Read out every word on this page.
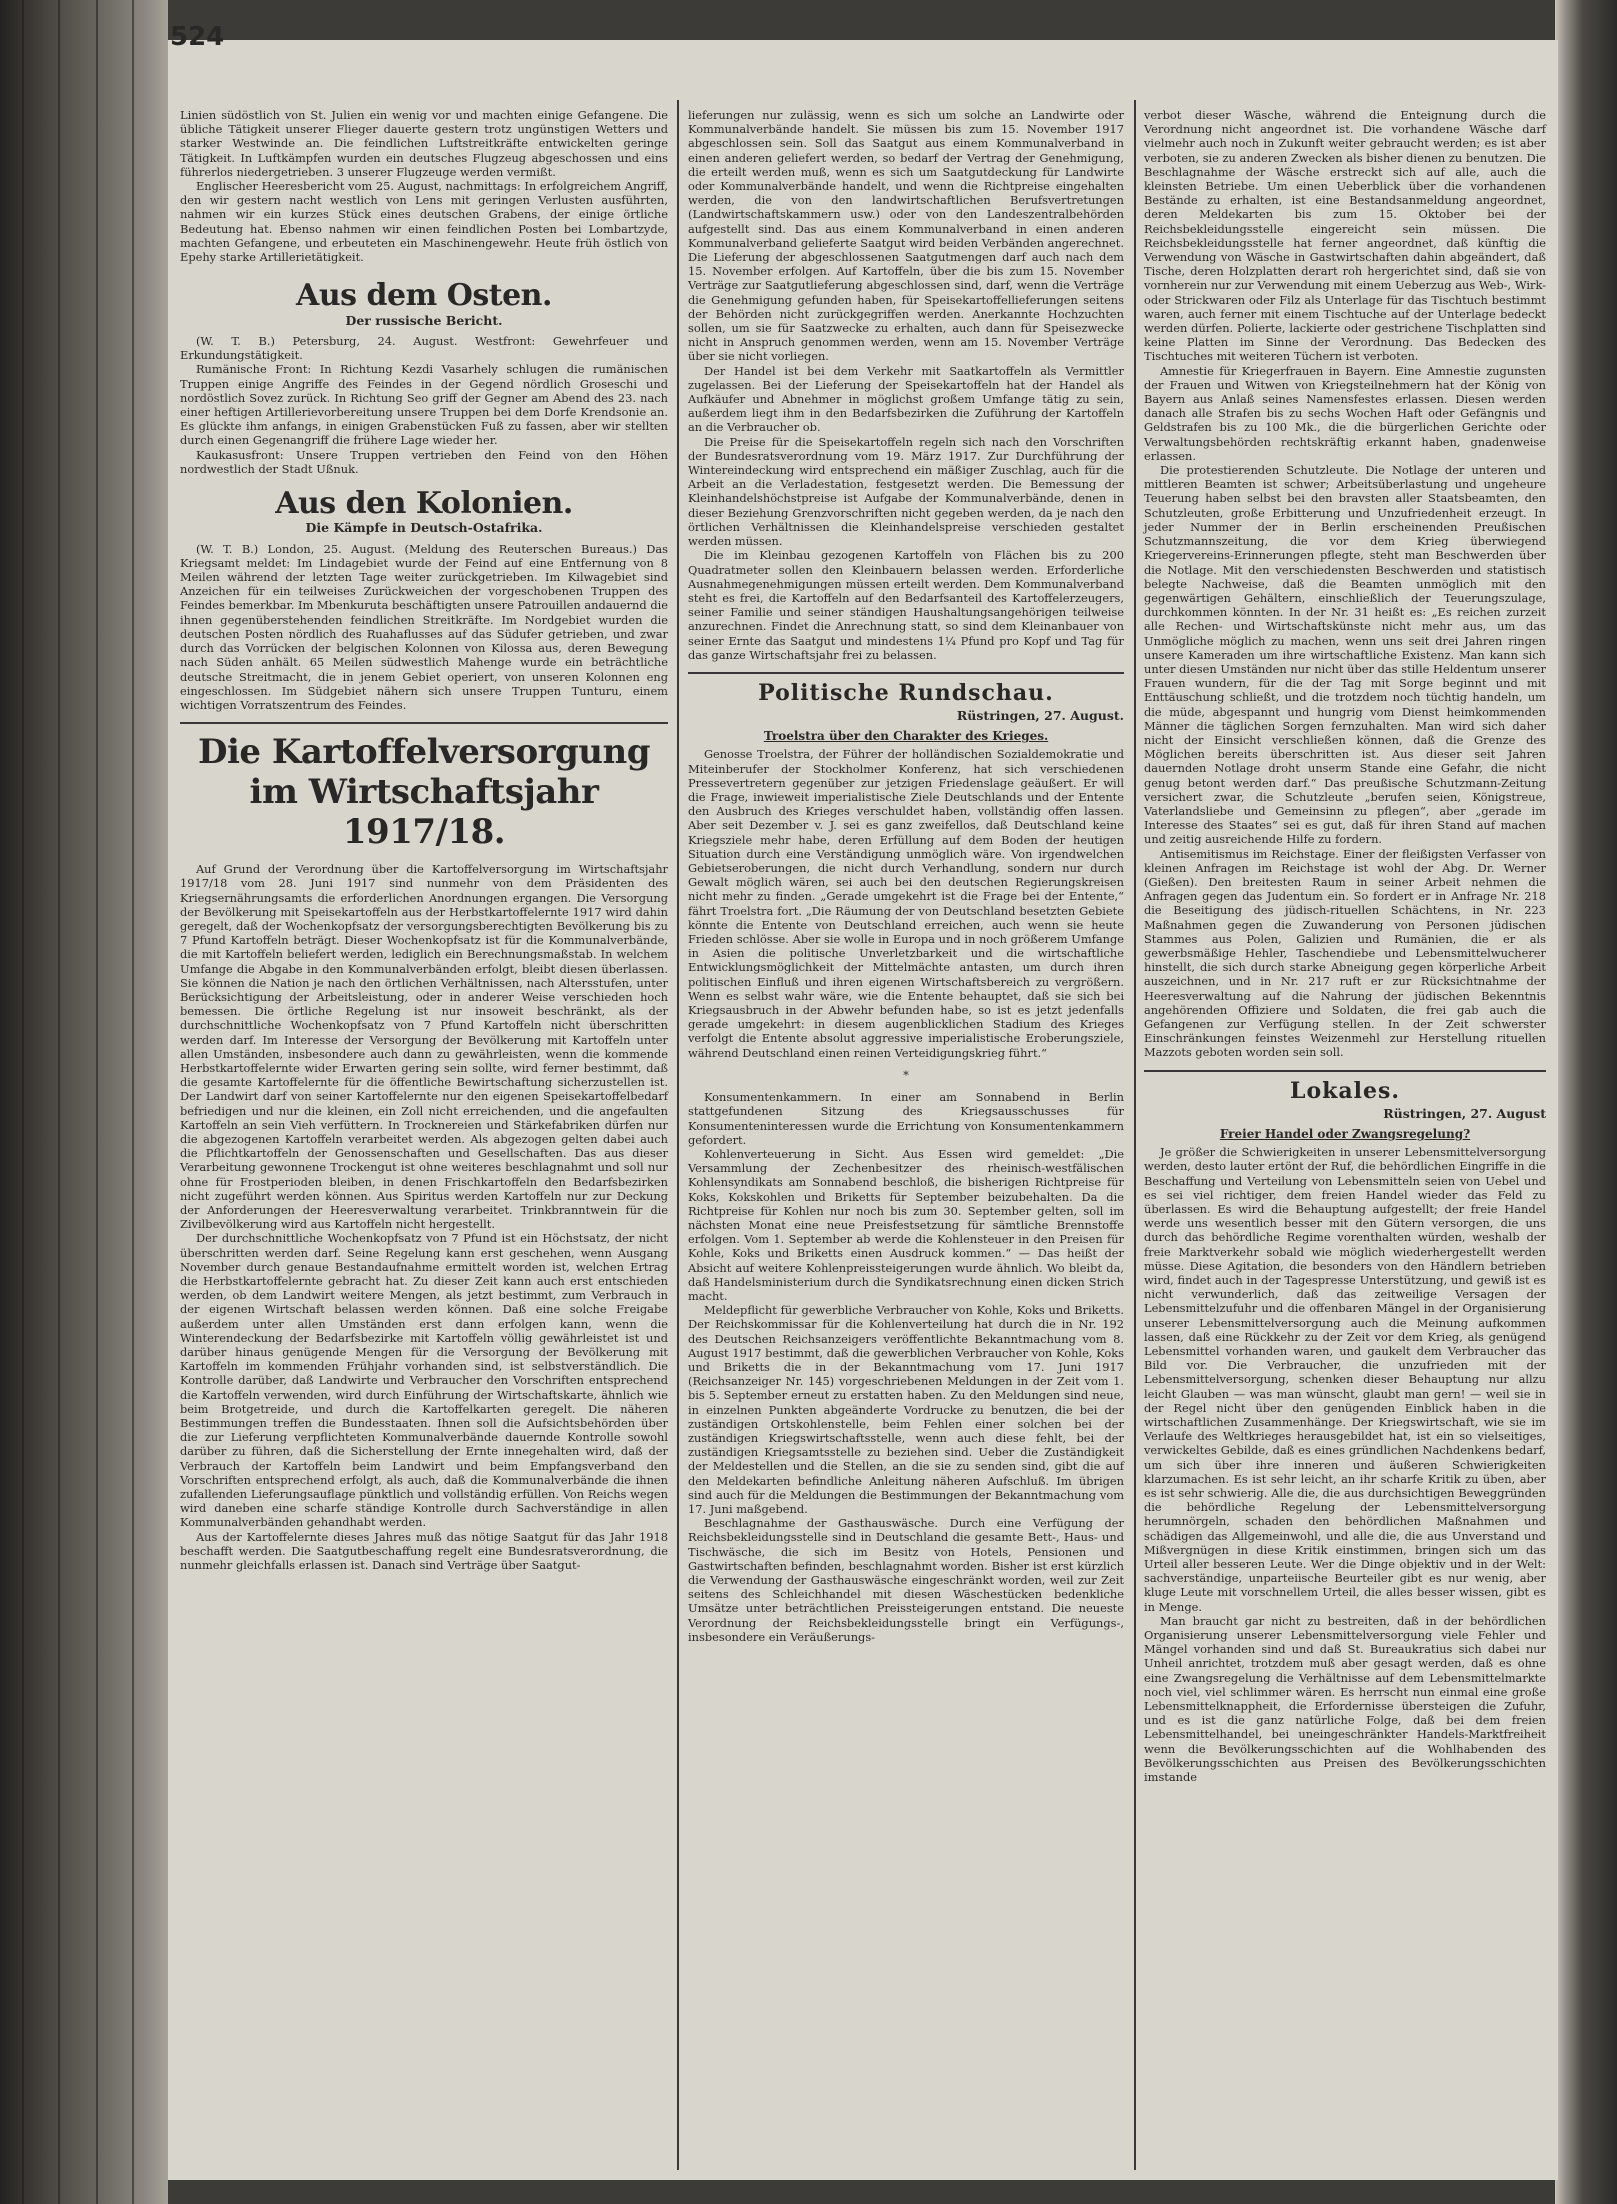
524

Linien südöstlich von St. Julien ein wenig vor und machten einige Gefangene. Die übliche Tätigkeit unserer Flieger dauerte gestern trotz ungünstigen Wetters und starker Westwinde an. Die feindlichen Luftstreitkräfte entwickelten geringe Tätigkeit. In Luftkämpfen wurden ein deutsches Flugzeug abgeschossen und eins führerlos niedergetrieben. 3 unserer Flugzeuge werden vermißt.

Englischer Heeresbericht vom 25. August, nachmittags: In erfolgreichem Angriff, den wir gestern nacht westlich von Lens mit geringen Verlusten ausführten, nahmen wir ein kurzes Stück eines deutschen Grabens, der einige örtliche Bedeutung hat. Ebenso nahmen wir einen feindlichen Posten bei Lombartzyde, machten Gefangene, und erbeuteten ein Maschinengewehr. Heute früh östlich von Epehy starke Artillerietätigkeit.

Aus dem Osten.
Der russische Bericht.

(W. T. B.) Petersburg, 24. August. Westfront: Gewehrfeuer und Erkundungstätigkeit.

Rumänische Front: In Richtung Kezdi Vasarhely schlugen die rumänischen Truppen einige Angriffe des Feindes in der Gegend nördlich Groseschi und nordöstlich Sovez zurück. In Richtung Seo griff der Gegner am Abend des 23. nach einer heftigen Artillerievorbereitung unsere Truppen bei dem Dorfe Krendsonie an. Es glückte ihm anfangs, in einigen Grabenstücken Fuß zu fassen, aber wir stellten durch einen Gegenangriff die frühere Lage wieder her.

Kaukasusfront: Unsere Truppen vertrieben den Feind von den Höhen nordwestlich der Stadt Ußnuk.

Aus den Kolonien.
Die Kämpfe in Deutsch-Ostafrika.

(W. T. B.) London, 25. August. (Meldung des Reuterschen Bureaus.) Das Kriegsamt meldet: Im Lindagebiet wurde der Feind auf eine Entfernung von 8 Meilen während der letzten Tage weiter zurückgetrieben. Im Kilwagebiet sind Anzeichen für ein teilweises Zurückweichen der vorgeschobenen Truppen des Feindes bemerkbar. Im Mbenkuruta beschäftigten unsere Patrouillen andauernd die ihnen gegenüberstehenden feindlichen Streitkräfte. Im Nordgebiet wurden die deutschen Posten nördlich des Ruahaflusses auf das Südufer getrieben, und zwar durch das Vorrücken der belgischen Kolonnen von Kilossa aus, deren Bewegung nach Süden anhält. 65 Meilen südwestlich Mahenge wurde ein beträchtliche deutsche Streitmacht, die in jenem Gebiet operiert, von unseren Kolonnen eng eingeschlossen. Im Südgebiet nähern sich unsere Truppen Tunturu, einem wichtigen Vorratszentrum des Feindes.

Die Kartoffelversorgung im Wirtschaftsjahr 1917/18.

Auf Grund der Verordnung über die Kartoffelversorgung im Wirtschaftsjahr 1917/18 vom 28. Juni 1917 sind nunmehr von dem Präsidenten des Kriegsernährungsamts die erforderlichen Anordnungen ergangen. Die Versorgung der Bevölkerung mit Speisekartoffeln aus der Herbstkartoffelernte 1917 wird dahin geregelt, daß der Wochenkopfsatz der versorgungsberechtigten Bevölkerung bis zu 7 Pfund Kartoffeln beträgt. Dieser Wochenkopfsatz ist für die Kommunalverbände, die mit Kartoffeln beliefert werden, lediglich ein Berechnungsmaßstab. In welchem Umfange die Abgabe in den Kommunalverbänden erfolgt, bleibt diesen überlassen. Sie können die Nation je nach den örtlichen Verhältnissen, nach Altersstufen, unter Berücksichtigung der Arbeitsleistung, oder in anderer Weise verschieden hoch bemessen. Die örtliche Regelung ist nur insoweit beschränkt, als der durchschnittliche Wochenkopfsatz von 7 Pfund Kartoffeln nicht überschritten werden darf. Im Interesse der Versorgung der Bevölkerung mit Kartoffeln unter allen Umständen, insbesondere auch dann zu gewährleisten, wenn die kommende Herbstkartoffelernte wider Erwarten gering sein sollte, wird ferner bestimmt, daß die gesamte Kartoffelernte für die öffentliche Bewirtschaftung sicherzustellen ist. Der Landwirt darf von seiner Kartoffelernte nur den eigenen Speisekartoffelbedarf befriedigen und nur die kleinen, ein Zoll nicht erreichenden, und die angefaulten Kartoffeln an sein Vieh verfüttern. In Trocknereien und Stärkefabriken dürfen nur die abgezogenen Kartoffeln verarbeitet werden. Als abgezogen gelten dabei auch die Pflichtkartoffeln der Genossenschaften und Gesellschaften. Das aus dieser Verarbeitung gewonnene Trockengut ist ohne weiteres beschlagnahmt und soll nur ohne für Frostperioden bleiben, in denen Frischkartoffeln den Bedarfsbezirken nicht zugeführt werden können. Aus Spiritus werden Kartoffeln nur zur Deckung der Anforderungen der Heeresverwaltung verarbeitet. Trinkbranntwein für die Zivilbevölkerung wird aus Kartoffeln nicht hergestellt.

Der durchschnittliche Wochenkopfsatz von 7 Pfund ist ein Höchstsatz, der nicht überschritten werden darf. Seine Regelung kann erst geschehen, wenn Ausgang November durch genaue Bestandaufnahme ermittelt worden ist, welchen Ertrag die Herbstkartoffelernte gebracht hat. Zu dieser Zeit kann auch erst entschieden werden, ob dem Landwirt weitere Mengen, als jetzt bestimmt, zum Verbrauch in der eigenen Wirtschaft belassen werden können. Daß eine solche Freigabe außerdem unter allen Umständen erst dann erfolgen kann, wenn die Winterendeckung der Bedarfsbezirke mit Kartoffeln völlig gewährleistet ist und darüber hinaus genügende Mengen für die Versorgung der Bevölkerung mit Kartoffeln im kommenden Frühjahr vorhanden sind, ist selbstverständlich. Die Kontrolle darüber, daß Landwirte und Verbraucher den Vorschriften entsprechend die Kartoffeln verwenden, wird durch Einführung der Wirtschaftskarte, ähnlich wie beim Brotgetreide, und durch die Kartoffelkarten geregelt. Die näheren Bestimmungen treffen die Bundesstaaten. Ihnen soll die Aufsichtsbehörden über die zur Lieferung verpflichteten Kommunalverbände dauernde Kontrolle sowohl darüber zu führen, daß die Sicherstellung der Ernte innegehalten wird, daß der Verbrauch der Kartoffeln beim Landwirt und beim Empfangsverband den Vorschriften entsprechend erfolgt, als auch, daß die Kommunalverbände die ihnen zufallenden Lieferungsauflage pünktlich und vollständig erfüllen. Von Reichs wegen wird daneben eine scharfe ständige Kontrolle durch Sachverständige in allen Kommunalverbänden gehandhabt werden.

Aus der Kartoffelernte dieses Jahres muß das nötige Saatgut für das Jahr 1918 beschafft werden. Die Saatgutbeschaffung regelt eine Bundesratsverordnung, die nunmehr gleichfalls erlassen ist. Danach sind Verträge über Saatgut-

lieferungen nur zulässig, wenn es sich um solche an Landwirte oder Kommunalverbände handelt. Sie müssen bis zum 15. November 1917 abgeschlossen sein. Soll das Saatgut aus einem Kommunalverband in einen anderen geliefert werden, so bedarf der Vertrag der Genehmigung, die erteilt werden muß, wenn es sich um Saatgutdeckung für Landwirte oder Kommunalverbände handelt, und wenn die Richtpreise eingehalten werden, die von den landwirtschaftlichen Berufsvertretungen (Landwirtschaftskammern usw.) oder von den Landeszentralbehörden aufgestellt sind. Das aus einem Kommunalverband in einen anderen Kommunalverband gelieferte Saatgut wird beiden Verbänden angerechnet. Die Lieferung der abgeschlossenen Saatgutmengen darf auch nach dem 15. November erfolgen. Auf Kartoffeln, über die bis zum 15. November Verträge zur Saatgutlieferung abgeschlossen sind, darf, wenn die Verträge die Genehmigung gefunden haben, für Speisekartoffellieferungen seitens der Behörden nicht zurückgegriffen werden. Anerkannte Hochzuchten sollen, um sie für Saatzwecke zu erhalten, auch dann für Speisezwecke nicht in Anspruch genommen werden, wenn am 15. November Verträge über sie nicht vorliegen.

Der Handel ist bei dem Verkehr mit Saatkartoffeln als Vermittler zugelassen. Bei der Lieferung der Speisekartoffeln hat der Handel als Aufkäufer und Abnehmer in möglichst großem Umfange tätig zu sein, außerdem liegt ihm in den Bedarfsbezirken die Zuführung der Kartoffeln an die Verbraucher ob.

Die Preise für die Speisekartoffeln regeln sich nach den Vorschriften der Bundesratsverordnung vom 19. März 1917. Zur Durchführung der Wintereindeckung wird entsprechend ein mäßiger Zuschlag, auch für die Arbeit an die Verladestation, festgesetzt werden. Die Bemessung der Kleinhandelshöchstpreise ist Aufgabe der Kommunalverbände, denen in dieser Beziehung Grenzvorschriften nicht gegeben werden, da je nach den örtlichen Verhältnissen die Kleinhandelspreise verschieden gestaltet werden müssen.

Die im Kleinbau gezogenen Kartoffeln von Flächen bis zu 200 Quadratmeter sollen den Kleinbauern belassen werden. Erforderliche Ausnahmegenehmigungen müssen erteilt werden. Dem Kommunalverband steht es frei, die Kartoffeln auf den Bedarfsanteil des Kartoffelerzeugers, seiner Familie und seiner ständigen Haushaltungsangehörigen teilweise anzurechnen. Findet die Anrechnung statt, so sind dem Kleinanbauer von seiner Ernte das Saatgut und mindestens 1¼ Pfund pro Kopf und Tag für das ganze Wirtschaftsjahr frei zu belassen.

Politische Rundschau.
Rüstringen, 27. August.
Troelstra über den Charakter des Krieges.

Genosse Troelstra, der Führer der holländischen Sozialdemokratie und Miteinberufer der Stockholmer Konferenz, hat sich verschiedenen Pressevertretern gegenüber zur jetzigen Friedenslage geäußert. Er will die Frage, inwieweit imperialistische Ziele Deutschlands und der Entente den Ausbruch des Krieges verschuldet haben, vollständig offen lassen. Aber seit Dezember v. J. sei es ganz zweifellos, daß Deutschland keine Kriegsziele mehr habe, deren Erfüllung auf dem Boden der heutigen Situation durch eine Verständigung unmöglich wäre. Von irgendwelchen Gebietseroberungen, die nicht durch Verhandlung, sondern nur durch Gewalt möglich wären, sei auch bei den deutschen Regierungskreisen nicht mehr zu finden. „Gerade umgekehrt ist die Frage bei der Entente,“ fährt Troelstra fort. „Die Räumung der von Deutschland besetzten Gebiete könnte die Entente von Deutschland erreichen, auch wenn sie heute Frieden schlösse. Aber sie wolle in Europa und in noch größerem Umfange in Asien die politische Unverletzbarkeit und die wirtschaftliche Entwicklungsmöglichkeit der Mittelmächte antasten, um durch ihren politischen Einfluß und ihren eigenen Wirtschaftsbereich zu vergrößern. Wenn es selbst wahr wäre, wie die Entente behauptet, daß sie sich bei Kriegsausbruch in der Abwehr befunden habe, so ist es jetzt jedenfalls gerade umgekehrt: in diesem augenblicklichen Stadium des Krieges verfolgt die Entente absolut aggressive imperialistische Eroberungsziele, während Deutschland einen reinen Verteidigungskrieg führt.“

*

Konsumentenkammern. In einer am Sonnabend in Berlin stattgefundenen Sitzung des Kriegsausschusses für Konsumenteninteressen wurde die Errichtung von Konsumentenkammern gefordert.

Kohlenverteuerung in Sicht. Aus Essen wird gemeldet: „Die Versammlung der Zechenbesitzer des rheinisch-westfälischen Kohlensyndikats am Sonnabend beschloß, die bisherigen Richtpreise für Koks, Kokskohlen und Briketts für September beizubehalten. Da die Richtpreise für Kohlen nur noch bis zum 30. September gelten, soll im nächsten Monat eine neue Preisfestsetzung für sämtliche Brennstoffe erfolgen. Vom 1. September ab werde die Kohlensteuer in den Preisen für Kohle, Koks und Briketts einen Ausdruck kommen.“ — Das heißt der Absicht auf weitere Kohlenpreissteigerungen wurde ähnlich. Wo bleibt da, daß Handelsministerium durch die Syndikatsrechnung einen dicken Strich macht.

Meldepflicht für gewerbliche Verbraucher von Kohle, Koks und Briketts. Der Reichskommissar für die Kohlenverteilung hat durch die in Nr. 192 des Deutschen Reichsanzeigers veröffentlichte Bekanntmachung vom 8. August 1917 bestimmt, daß die gewerblichen Verbraucher von Kohle, Koks und Briketts die in der Bekanntmachung vom 17. Juni 1917 (Reichsanzeiger Nr. 145) vorgeschriebenen Meldungen in der Zeit vom 1. bis 5. September erneut zu erstatten haben. Zu den Meldungen sind neue, in einzelnen Punkten abgeänderte Vordrucke zu benutzen, die bei der zuständigen Ortskohlenstelle, beim Fehlen einer solchen bei der zuständigen Kriegswirtschaftsstelle, wenn auch diese fehlt, bei der zuständigen Kriegsamtsstelle zu beziehen sind. Ueber die Zuständigkeit der Meldestellen und die Stellen, an die sie zu senden sind, gibt die auf den Meldekarten befindliche Anleitung näheren Aufschluß. Im übrigen sind auch für die Meldungen die Bestimmungen der Bekanntmachung vom 17. Juni maßgebend.

Beschlagnahme der Gasthauswäsche. Durch eine Verfügung der Reichsbekleidungsstelle sind in Deutschland die gesamte Bett-, Haus- und Tischwäsche, die sich im Besitz von Hotels, Pensionen und Gastwirtschaften befinden, beschlagnahmt worden. Bisher ist erst kürzlich die Verwendung der Gasthauswäsche eingeschränkt worden, weil zur Zeit seitens des Schleichhandel mit diesen Wäschestücken bedenkliche Umsätze unter beträchtlichen Preissteigerungen entstand. Die neueste Verordnung der Reichsbekleidungsstelle bringt ein Verfügungs-, insbesondere ein Veräußerungs-

verbot dieser Wäsche, während die Enteignung durch die Verordnung nicht angeordnet ist. Die vorhandene Wäsche darf vielmehr auch noch in Zukunft weiter gebraucht werden; es ist aber verboten, sie zu anderen Zwecken als bisher dienen zu benutzen. Die Beschlagnahme der Wäsche erstreckt sich auf alle, auch die kleinsten Betriebe. Um einen Ueberblick über die vorhandenen Bestände zu erhalten, ist eine Bestandsanmeldung angeordnet, deren Meldekarten bis zum 15. Oktober bei der Reichsbekleidungsstelle eingereicht sein müssen. Die Reichsbekleidungsstelle hat ferner angeordnet, daß künftig die Verwendung von Wäsche in Gastwirtschaften dahin abgeändert, daß Tische, deren Holzplatten derart roh hergerichtet sind, daß sie von vornherein nur zur Verwendung mit einem Ueberzug aus Web-, Wirk- oder Strickwaren oder Filz als Unterlage für das Tischtuch bestimmt waren, auch ferner mit einem Tischtuche auf der Unterlage bedeckt werden dürfen. Polierte, lackierte oder gestrichene Tischplatten sind keine Platten im Sinne der Verordnung. Das Bedecken des Tischtuches mit weiteren Tüchern ist verboten.

Amnestie für Kriegerfrauen in Bayern. Eine Amnestie zugunsten der Frauen und Witwen von Kriegsteilnehmern hat der König von Bayern aus Anlaß seines Namensfestes erlassen. Diesen werden danach alle Strafen bis zu sechs Wochen Haft oder Gefängnis und Geldstrafen bis zu 100 Mk., die die bürgerlichen Gerichte oder Verwaltungsbehörden rechtskräftig erkannt haben, gnadenweise erlassen.

Die protestierenden Schutzleute. Die Notlage der unteren und mittleren Beamten ist schwer; Arbeitsüberlastung und ungeheure Teuerung haben selbst bei den bravsten aller Staatsbeamten, den Schutzleuten, große Erbitterung und Unzufriedenheit erzeugt. In jeder Nummer der in Berlin erscheinenden Preußischen Schutzmannszeitung, die vor dem Krieg überwiegend Kriegervereins-Erinnerungen pflegte, steht man Beschwerden über die Notlage. Mit den verschiedensten Beschwerden und statistisch belegte Nachweise, daß die Beamten unmöglich mit den gegenwärtigen Gehältern, einschließlich der Teuerungszulage, durchkommen könnten. In der Nr. 31 heißt es: „Es reichen zurzeit alle Rechen- und Wirtschaftskünste nicht mehr aus, um das Unmögliche möglich zu machen, wenn uns seit drei Jahren ringen unsere Kameraden um ihre wirtschaftliche Existenz. Man kann sich unter diesen Umständen nur nicht über das stille Heldentum unserer Frauen wundern, für die der Tag mit Sorge beginnt und mit Enttäuschung schließt, und die trotzdem noch tüchtig handeln, um die müde, abgespannt und hungrig vom Dienst heimkommenden Männer die täglichen Sorgen fernzuhalten. Man wird sich daher nicht der Einsicht verschließen können, daß die Grenze des Möglichen bereits überschritten ist. Aus dieser seit Jahren dauernden Notlage droht unserm Stande eine Gefahr, die nicht genug betont werden darf.“ Das preußische Schutzmann-Zeitung versichert zwar, die Schutzleute „berufen seien, Königstreue, Vaterlandsliebe und Gemeinsinn zu pflegen“, aber „gerade im Interesse des Staates“ sei es gut, daß für ihren Stand auf machen und zeitig ausreichende Hilfe zu fordern.

Antisemitismus im Reichstage. Einer der fleißigsten Verfasser von kleinen Anfragen im Reichstage ist wohl der Abg. Dr. Werner (Gießen). Den breitesten Raum in seiner Arbeit nehmen die Anfragen gegen das Judentum ein. So fordert er in Anfrage Nr. 218 die Beseitigung des jüdisch-rituellen Schächtens, in Nr. 223 Maßnahmen gegen die Zuwanderung von Personen jüdischen Stammes aus Polen, Galizien und Rumänien, die er als gewerbsmäßige Hehler, Taschendiebe und Lebensmittelwucherer hinstellt, die sich durch starke Abneigung gegen körperliche Arbeit auszeichnen, und in Nr. 217 ruft er zur Rücksichtnahme der Heeresverwaltung auf die Nahrung der jüdischen Bekenntnis angehörenden Offiziere und Soldaten, die frei gab auch die Gefangenen zur Verfügung stellen. In der Zeit schwerster Einschränkungen feinstes Weizenmehl zur Herstellung rituellen Mazzots geboten worden sein soll.

Lokales.
Rüstringen, 27. August
Freier Handel oder Zwangsregelung?

Je größer die Schwierigkeiten in unserer Lebensmittelversorgung werden, desto lauter ertönt der Ruf, die behördlichen Eingriffe in die Beschaffung und Verteilung von Lebensmitteln seien von Uebel und es sei viel richtiger, dem freien Handel wieder das Feld zu überlassen. Es wird die Behauptung aufgestellt; der freie Handel werde uns wesentlich besser mit den Gütern versorgen, die uns durch das behördliche Regime vorenthalten würden, weshalb der freie Marktverkehr sobald wie möglich wiederhergestellt werden müsse. Diese Agitation, die besonders von den Händlern betrieben wird, findet auch in der Tagespresse Unterstützung, und gewiß ist es nicht verwunderlich, daß das zeitweilige Versagen der Lebensmittelzufuhr und die offenbaren Mängel in der Organisierung unserer Lebensmittelversorgung auch die Meinung aufkommen lassen, daß eine Rückkehr zu der Zeit vor dem Krieg, als genügend Lebensmittel vorhanden waren, und gaukelt dem Verbraucher das Bild vor. Die Verbraucher, die unzufrieden mit der Lebensmittelversorgung, schenken dieser Behauptung nur allzu leicht Glauben — was man wünscht, glaubt man gern! — weil sie in der Regel nicht über den genügenden Einblick haben in die wirtschaftlichen Zusammenhänge. Der Kriegswirtschaft, wie sie im Verlaufe des Weltkrieges herausgebildet hat, ist ein so vielseitiges, verwickeltes Gebilde, daß es eines gründlichen Nachdenkens bedarf, um sich über ihre inneren und äußeren Schwierigkeiten klarzumachen. Es ist sehr leicht, an ihr scharfe Kritik zu üben, aber es ist sehr schwierig. Alle die, die aus durchsichtigen Beweggründen die behördliche Regelung der Lebensmittelversorgung herumnörgeln, schaden den behördlichen Maßnahmen und schädigen das Allgemeinwohl, und alle die, die aus Unverstand und Mißvergnügen in diese Kritik einstimmen, bringen sich um das Urteil aller besseren Leute. Wer die Dinge objektiv und in der Welt: sachverständige, unparteiische Beurteiler gibt es nur wenig, aber kluge Leute mit vorschnellem Urteil, die alles besser wissen, gibt es in Menge.

Man braucht gar nicht zu bestreiten, daß in der behördlichen Organisierung unserer Lebensmittelversorgung viele Fehler und Mängel vorhanden sind und daß St. Bureaukratius sich dabei nur Unheil anrichtet, trotzdem muß aber gesagt werden, daß es ohne eine Zwangsregelung die Verhältnisse auf dem Lebensmittelmarkte noch viel, viel schlimmer wären. Es herrscht nun einmal eine große Lebensmittelknappheit, die Erfordernisse übersteigen die Zufuhr, und es ist die ganz natürliche Folge, daß bei dem freien Lebensmittelhandel, bei uneingeschränkter Handels-Marktfreiheit wenn die Bevölkerungsschichten auf die Wohlhabenden des Bevölkerungsschichten aus Preisen des Bevölkerungsschichten imstande
